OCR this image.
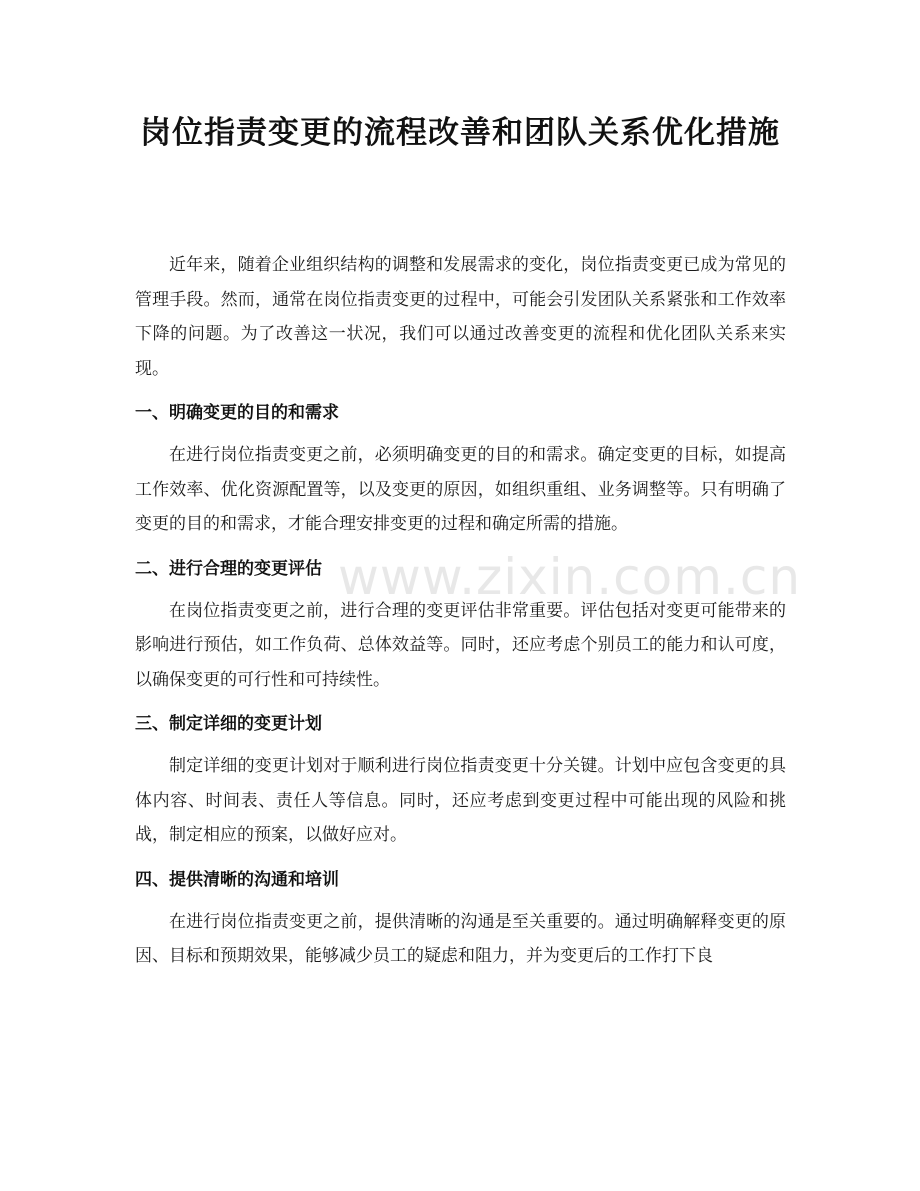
岗位指责变更的流程改善和团队关系优化措施

近年来，随着企业组织结构的调整和发展需求的变化，岗位指责变更已成为常见的管理手段。然而，通常在岗位指责变更的过程中，可能会引发团队关系紧张和工作效率下降的问题。为了改善这一状况，我们可以通过改善变更的流程和优化团队关系来实现。

一、明确变更的目的和需求

在进行岗位指责变更之前，必须明确变更的目的和需求。确定变更的目标，如提高工作效率、优化资源配置等，以及变更的原因，如组织重组、业务调整等。只有明确了变更的目的和需求，才能合理安排变更的过程和确定所需的措施。

二、进行合理的变更评估

在岗位指责变更之前，进行合理的变更评估非常重要。评估包括对变更可能带来的影响进行预估，如工作负荷、总体效益等。同时，还应考虑个别员工的能力和认可度，以确保变更的可行性和可持续性。

三、制定详细的变更计划

制定详细的变更计划对于顺利进行岗位指责变更十分关键。计划中应包含变更的具体内容、时间表、责任人等信息。同时，还应考虑到变更过程中可能出现的风险和挑战，制定相应的预案，以做好应对。

四、提供清晰的沟通和培训

在进行岗位指责变更之前，提供清晰的沟通是至关重要的。通过明确解释变更的原因、目标和预期效果，能够减少员工的疑虑和阻力，并为变更后的工作打下良

www.zixin.com.cn
